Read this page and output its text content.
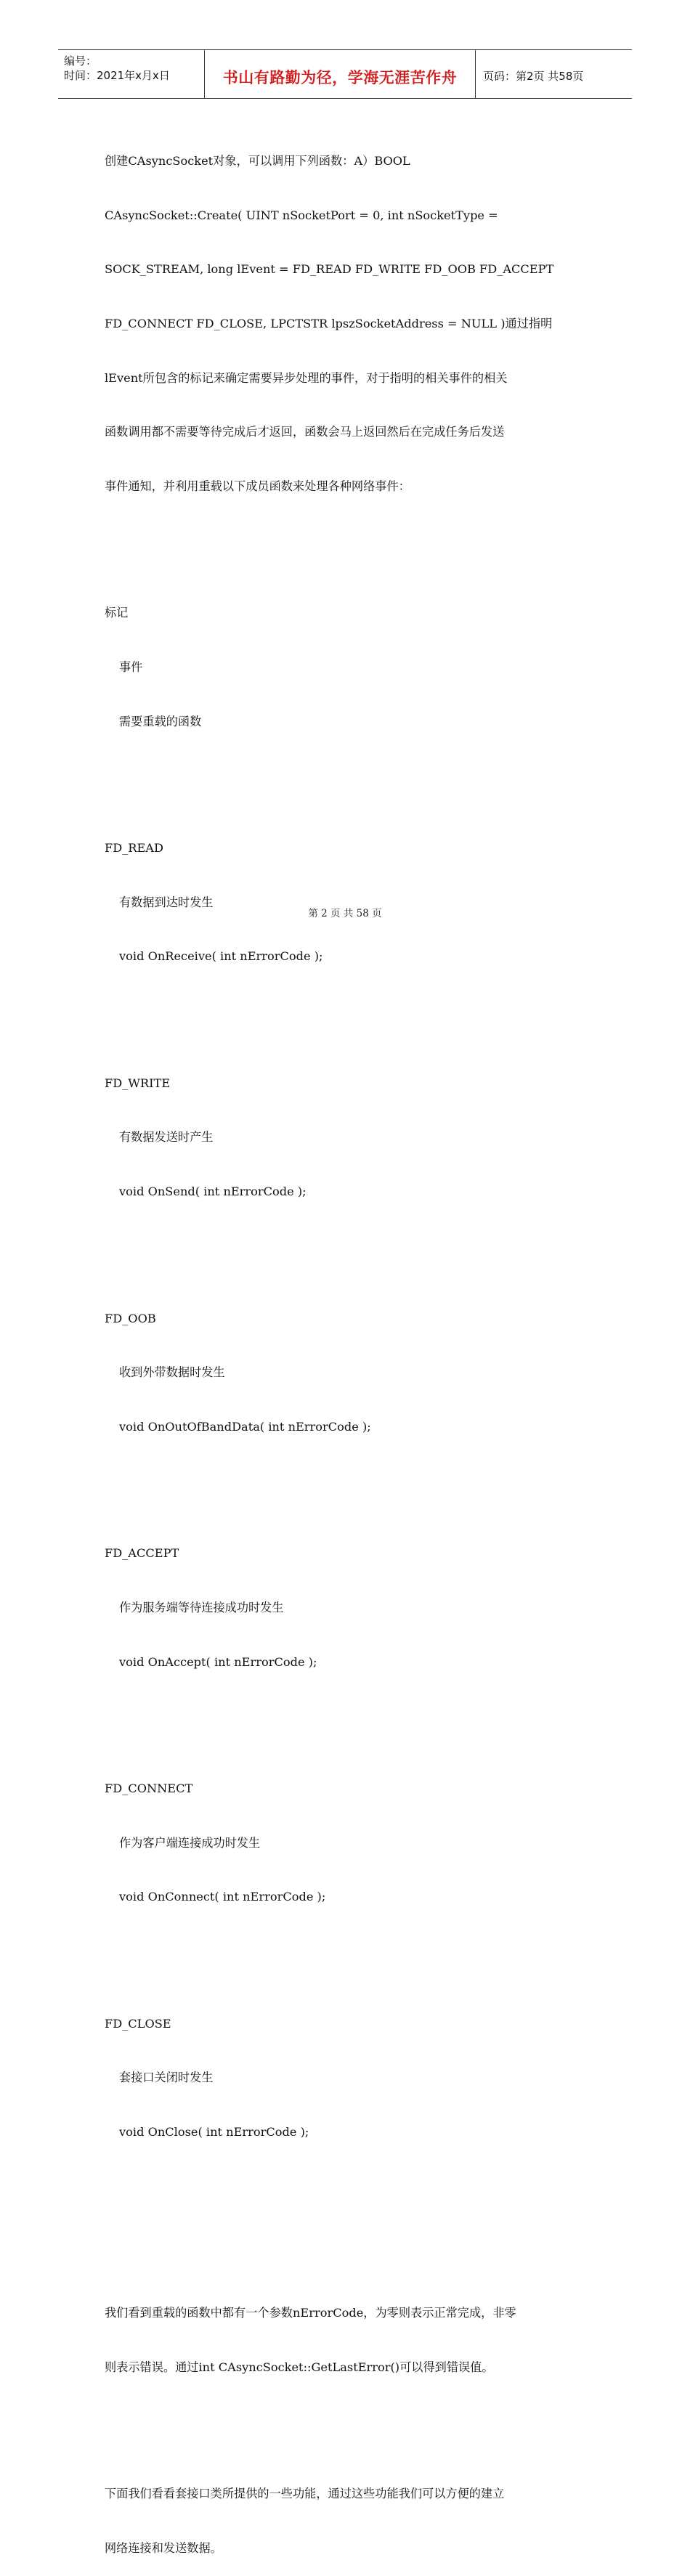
编号：
时间：2021年x月x日	书山有路勤为径，学海无涯苦作舟	页码：第2页 共58页

创建CAsyncSocket对象，可以调用下列函数：A）BOOL

CAsyncSocket::Create( UINT nSocketPort = 0, int nSocketType =

SOCK_STREAM, long lEvent = FD_READ FD_WRITE FD_OOB FD_ACCEPT

FD_CONNECT FD_CLOSE, LPCTSTR lpszSocketAddress = NULL )通过指明

lEvent所包含的标记来确定需要异步处理的事件，对于指明的相关事件的相关

函数调用都不需要等待完成后才返回，函数会马上返回然后在完成任务后发送

事件通知，并利用重载以下成员函数来处理各种网络事件：

标记

事件

需要重载的函数

FD_READ

有数据到达时发生

void OnReceive( int nErrorCode );

FD_WRITE

有数据发送时产生

void OnSend( int nErrorCode );

FD_OOB

收到外带数据时发生

void OnOutOfBandData( int nErrorCode );

FD_ACCEPT

作为服务端等待连接成功时发生

void OnAccept( int nErrorCode );

FD_CONNECT

作为客户端连接成功时发生

void OnConnect( int nErrorCode );

FD_CLOSE

套接口关闭时发生

void OnClose( int nErrorCode );

我们看到重载的函数中都有一个参数nErrorCode，为零则表示正常完成，非零

则表示错误。通过int CAsyncSocket::GetLastError()可以得到错误值。

下面我们看看套接口类所提供的一些功能，通过这些功能我们可以方便的建立

网络连接和发送数据。

第 2 页 共 58 页
